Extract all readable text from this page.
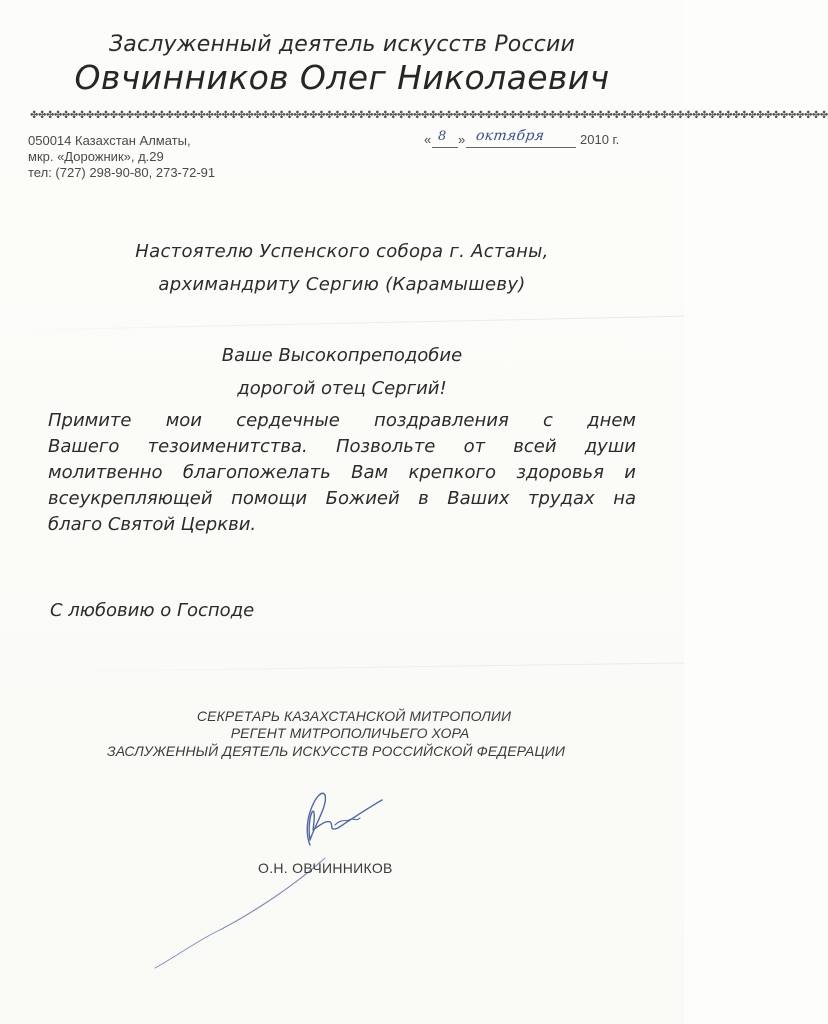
Заслуженный деятель искусств России
Овчинников Олег Николаевич
✤✤✤✤✤✤✤✤✤✤✤✤✤✤✤✤✤✤✤✤✤✤✤✤✤✤✤✤✤✤✤✤✤✤✤✤✤✤✤✤✤✤✤✤✤✤✤✤✤✤✤✤✤✤✤✤✤✤✤✤✤✤✤✤✤✤✤✤✤✤✤✤✤✤✤✤✤✤✤✤✤✤✤✤✤✤✤✤✤✤✤✤✤✤✤✤✤✤✤✤
050014 Казахстан Алматы,
мкр. «Дорожник», д.29
тел: (727) 298-90-80, 273-72-91
« 8 » октября	2010 г.
Настоятелю Успенского собора г. Астаны,
архимандриту Сергию (Карамышеву)
Ваше Высокопреподобие
дорогой отец Сергий!
Примите мои сердечные поздравления с днем
Вашего тезоименитства. Позвольте от всей души
молитвенно благопожелать Вам крепкого здоровья и
всеукрепляющей помощи Божией в Ваших трудах на
благо Святой Церкви.
С любовию о Господе
СЕКРЕТАРЬ КАЗАХСТАНСКОЙ МИТРОПОЛИИ
РЕГЕНТ МИТРОПОЛИЧЬЕГО ХОРА
ЗАСЛУЖЕННЫЙ ДЕЯТЕЛЬ ИСКУССТВ РОССИЙСКОЙ ФЕДЕРАЦИИ
О.Н. ОВЧИННИКОВ
